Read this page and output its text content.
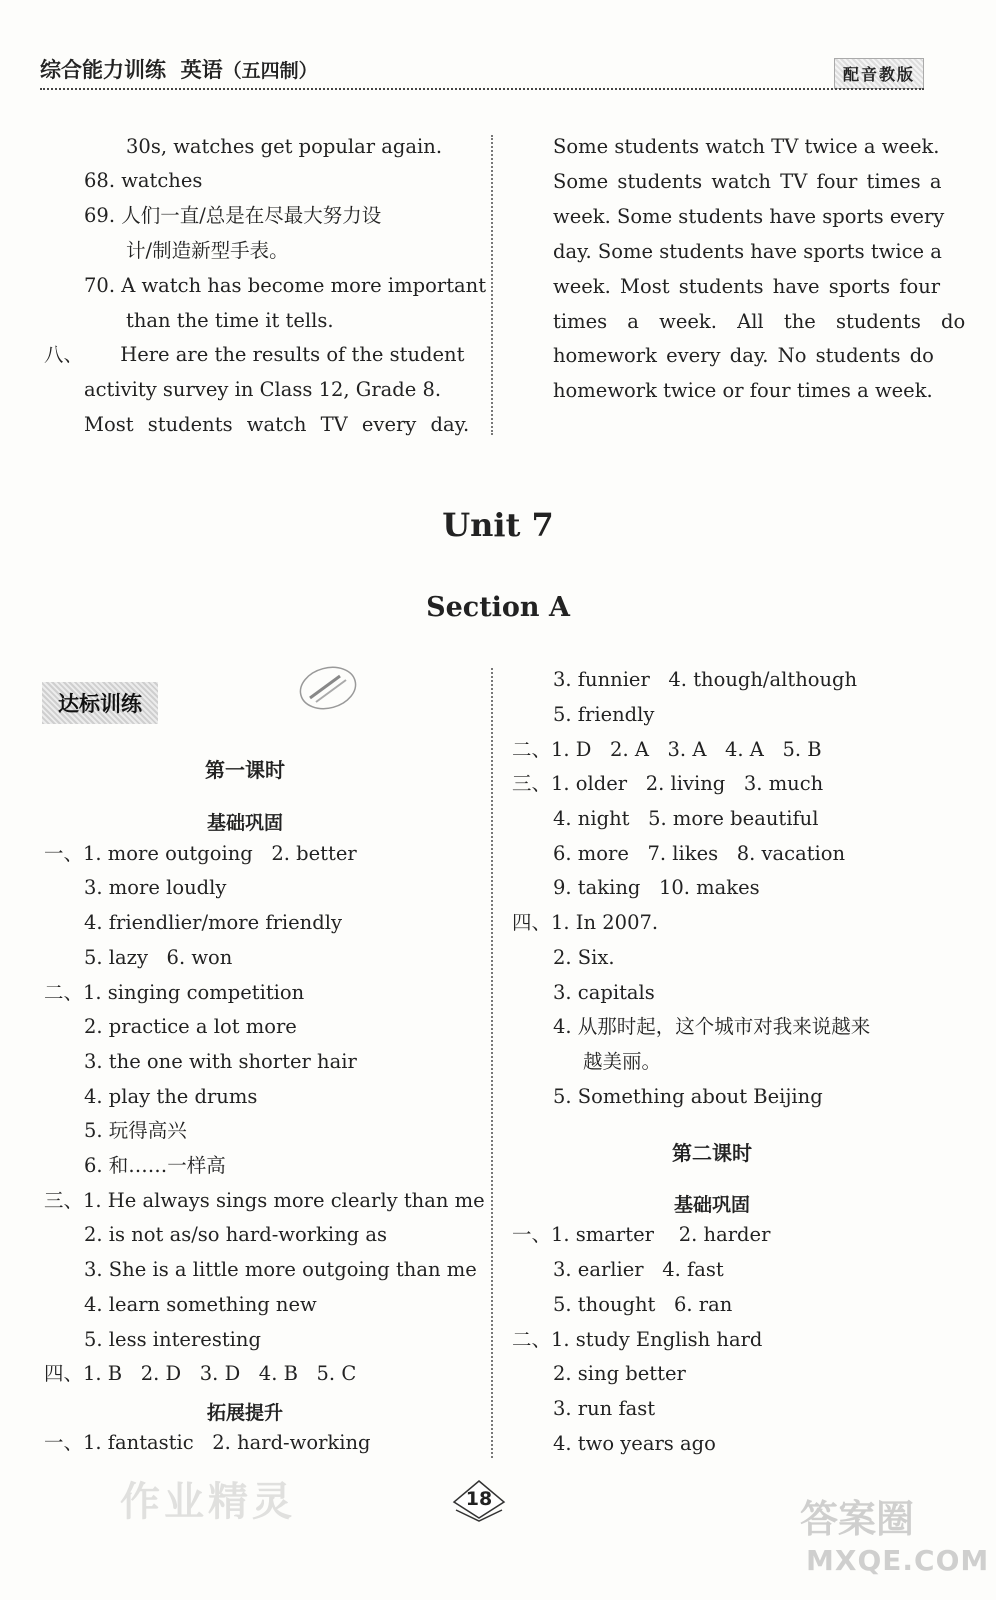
综合能力训练 英语（五四制）	配音教版
30s, watches get popular again.
68. watches
69. 人们一直/总是在尽最大努力设
计/制造新型手表。
70. A watch has become more important
than the time it tells.
八、      Here are the results of the student
activity survey in Class 12, Grade 8.
Most students watch TV every day.
Some students watch TV twice a week.
Some students watch TV four times a
week. Some students have sports every
day. Some students have sports twice a
week. Most students have sports four
times a week. All the students do
homework every day. No students do
homework twice or four times a week.
Unit 7
Section A
达标训练
第一课时
基础巩固
一、1. more outgoing   2. better
3. more loudly
4. friendlier/more friendly
5. lazy   6. won
二、1. singing competition
2. practice a lot more
3. the one with shorter hair
4. play the drums
5. 玩得高兴
6. 和……一样高
三、1. He always sings more clearly than me
2. is not as/so hard-working as
3. She is a little more outgoing than me
4. learn something new
5. less interesting
四、1. B   2. D   3. D   4. B   5. C
拓展提升
一、1. fantastic   2. hard-working
3. funnier   4. though/although
5. friendly
二、1. D   2. A   3. A   4. A   5. B
三、1. older   2. living   3. much
4. night   5. more beautiful
6. more   7. likes   8. vacation
9. taking   10. makes
四、1. In 2007.
2. Six.
3. capitals
4. 从那时起，这个城市对我来说越来
越美丽。
5. Something about Beijing
第二课时
基础巩固
一、1. smarter    2. harder
3. earlier   4. fast
5. thought   6. ran
二、1. study English hard
2. sing better
3. run fast
4. two years ago
18
作业精灵	答案圈
MXQE.COM
